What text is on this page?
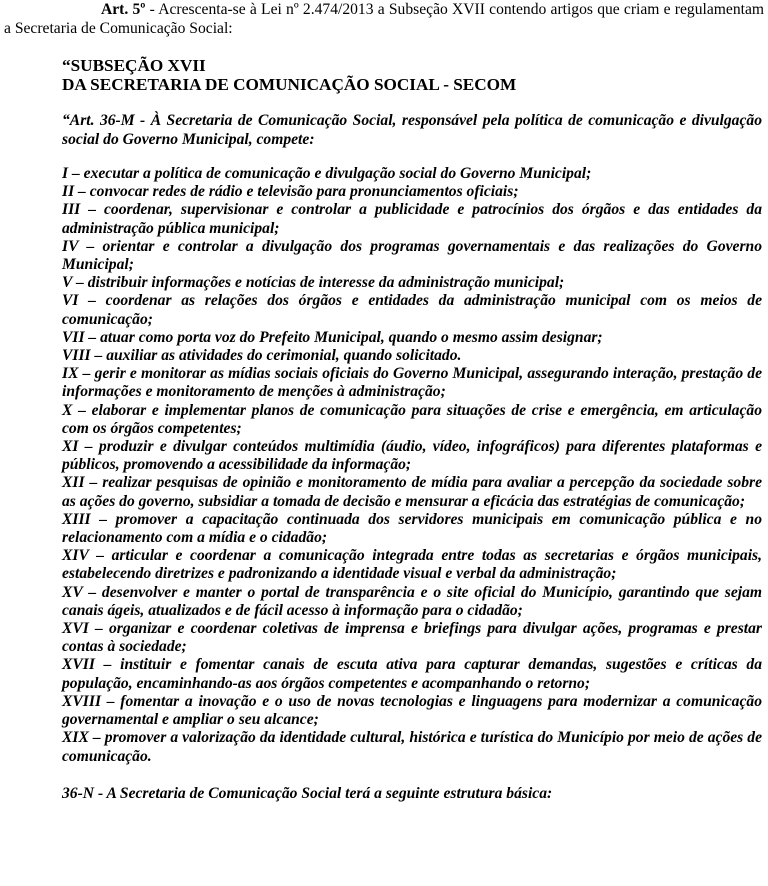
Art. 5º - Acrescenta-se à Lei nº 2.474/2013 a Subseção XVII contendo artigos que criam e regulamentam a Secretaria de Comunicação Social:

“SUBSEÇÃO XVII
DA SECRETARIA DE COMUNICAÇÃO SOCIAL - SECOM

“Art. 36-M - À Secretaria de Comunicação Social, responsável pela política de comunicação e divulgação social do Governo Municipal, compete:

I – executar a política de comunicação e divulgação social do Governo Municipal;
II – convocar redes de rádio e televisão para pronunciamentos oficiais;
III – coordenar, supervisionar e controlar a publicidade e patrocínios dos órgãos e das entidades da administração pública municipal;
IV – orientar e controlar a divulgação dos programas governamentais e das realizações do Governo Municipal;
V – distribuir informações e notícias de interesse da administração municipal;
VI – coordenar as relações dos órgãos e entidades da administração municipal com os meios de comunicação;
VII – atuar como porta voz do Prefeito Municipal, quando o mesmo assim designar;
VIII – auxiliar as atividades do cerimonial, quando solicitado.
IX – gerir e monitorar as mídias sociais oficiais do Governo Municipal, assegurando interação, prestação de informações e monitoramento de menções à administração;
X – elaborar e implementar planos de comunicação para situações de crise e emergência, em articulação com os órgãos competentes;
XI – produzir e divulgar conteúdos multimídia (áudio, vídeo, infográficos) para diferentes plataformas e públicos, promovendo a acessibilidade da informação;
XII – realizar pesquisas de opinião e monitoramento de mídia para avaliar a percepção da sociedade sobre as ações do governo, subsidiar a tomada de decisão e mensurar a eficácia das estratégias de comunicação;
XIII – promover a capacitação continuada dos servidores municipais em comunicação pública e no relacionamento com a mídia e o cidadão;
XIV – articular e coordenar a comunicação integrada entre todas as secretarias e órgãos municipais, estabelecendo diretrizes e padronizando a identidade visual e verbal da administração;
XV – desenvolver e manter o portal de transparência e o site oficial do Município, garantindo que sejam canais ágeis, atualizados e de fácil acesso à informação para o cidadão;
XVI – organizar e coordenar coletivas de imprensa e briefings para divulgar ações, programas e prestar contas à sociedade;
XVII – instituir e fomentar canais de escuta ativa para capturar demandas, sugestões e críticas da população, encaminhando-as aos órgãos competentes e acompanhando o retorno;
XVIII – fomentar a inovação e o uso de novas tecnologias e linguagens para modernizar a comunicação governamental e ampliar o seu alcance;
XIX – promover a valorização da identidade cultural, histórica e turística do Município por meio de ações de comunicação.

36-N - A Secretaria de Comunicação Social terá a seguinte estrutura básica:
